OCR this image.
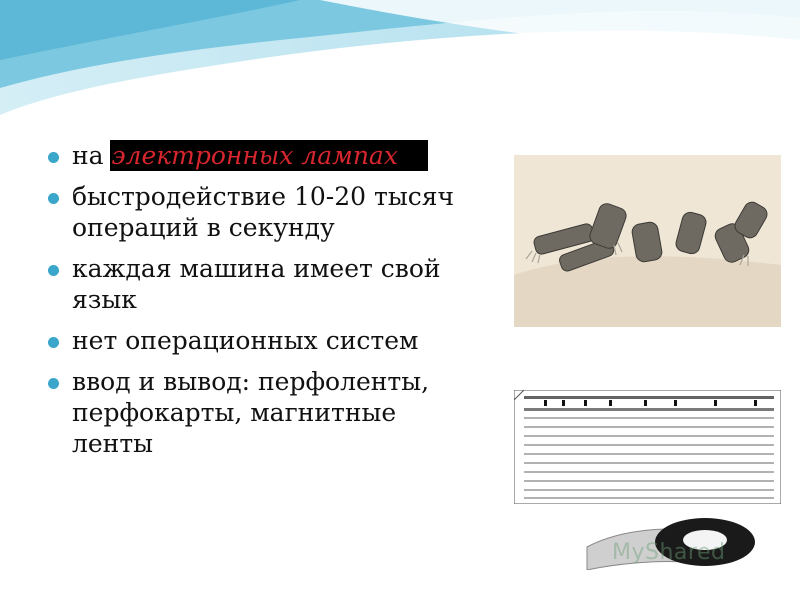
на электронных лампах
быстродействие 10-20 тысяч операций в секунду
каждая машина имеет свой язык
нет операционных систем
ввод и вывод: перфоленты, перфокарты, магнитные ленты
MyShared
